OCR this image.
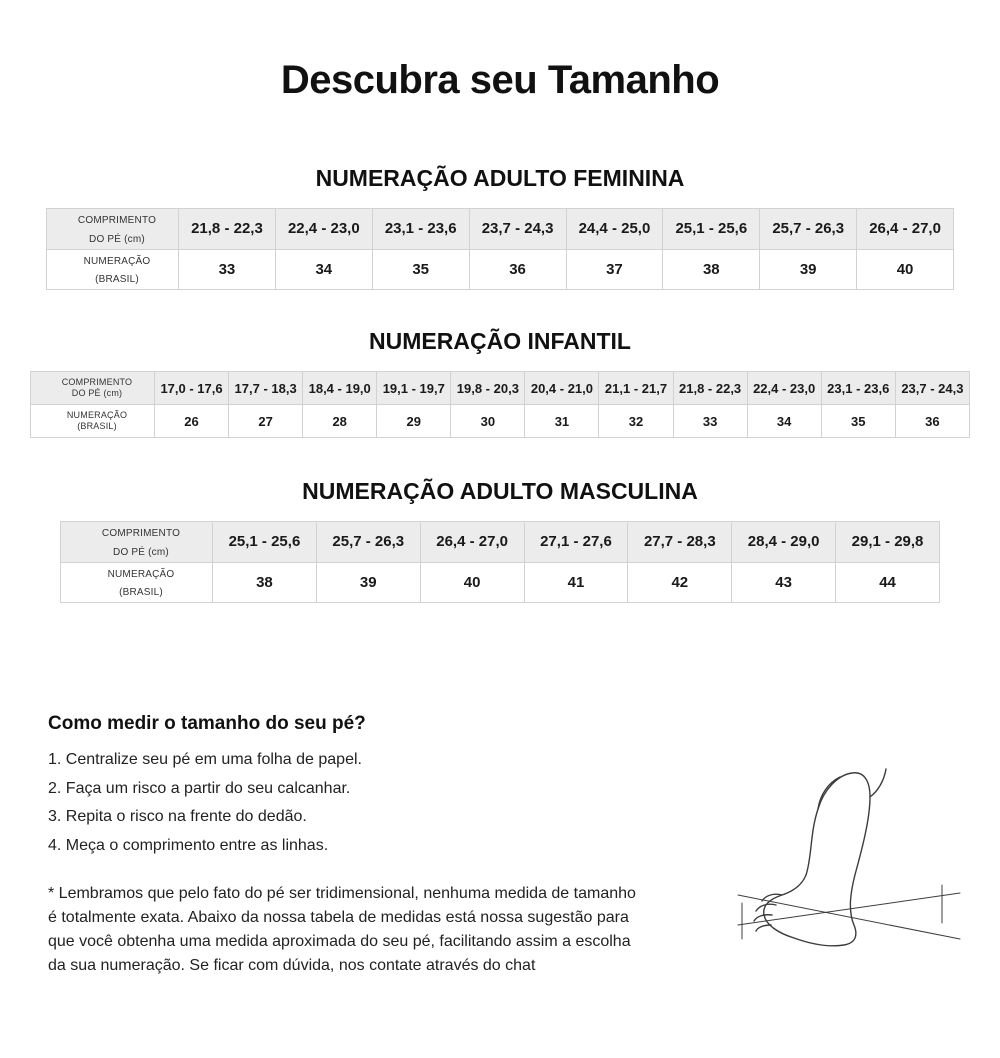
Descubra seu Tamanho
NUMERAÇÃO ADULTO FEMININA
COMPRIMENTO
DO PÉ (cm)	21,8 - 22,3	22,4 - 23,0	23,1 - 23,6	23,7 - 24,3	24,4 - 25,0	25,1 - 25,6	25,7 - 26,3	26,4 - 27,0
NUMERAÇÃO
(BRASIL)	33	34	35	36	37	38	39	40
NUMERAÇÃO INFANTIL
COMPRIMENTO
DO PÉ (cm)	17,0 - 17,6	17,7 - 18,3	18,4 - 19,0	19,1 - 19,7	19,8 - 20,3	20,4 - 21,0	21,1 - 21,7	21,8 - 22,3	22,4 - 23,0	23,1 - 23,6	23,7 - 24,3
NUMERAÇÃO
(BRASIL)	26	27	28	29	30	31	32	33	34	35	36
NUMERAÇÃO ADULTO MASCULINA
COMPRIMENTO
DO PÉ (cm)	25,1 - 25,6	25,7 - 26,3	26,4 - 27,0	27,1 - 27,6	27,7 - 28,3	28,4 - 29,0	29,1 - 29,8
NUMERAÇÃO
(BRASIL)	38	39	40	41	42	43	44
Como medir o tamanho do seu pé?

1. Centralize seu pé em uma folha de papel.

2. Faça um risco a partir do seu calcanhar.

3. Repita o risco na frente do dedão.

4. Meça o comprimento entre as linhas.

* Lembramos que pelo fato do pé ser tridimensional, nenhuma medida de tamanho é totalmente exata. Abaixo da nossa tabela de medidas está nossa sugestão para que você obtenha uma medida aproximada do seu pé, facilitando assim a escolha da sua numeração. Se ficar com dúvida, nos contate através do chat
